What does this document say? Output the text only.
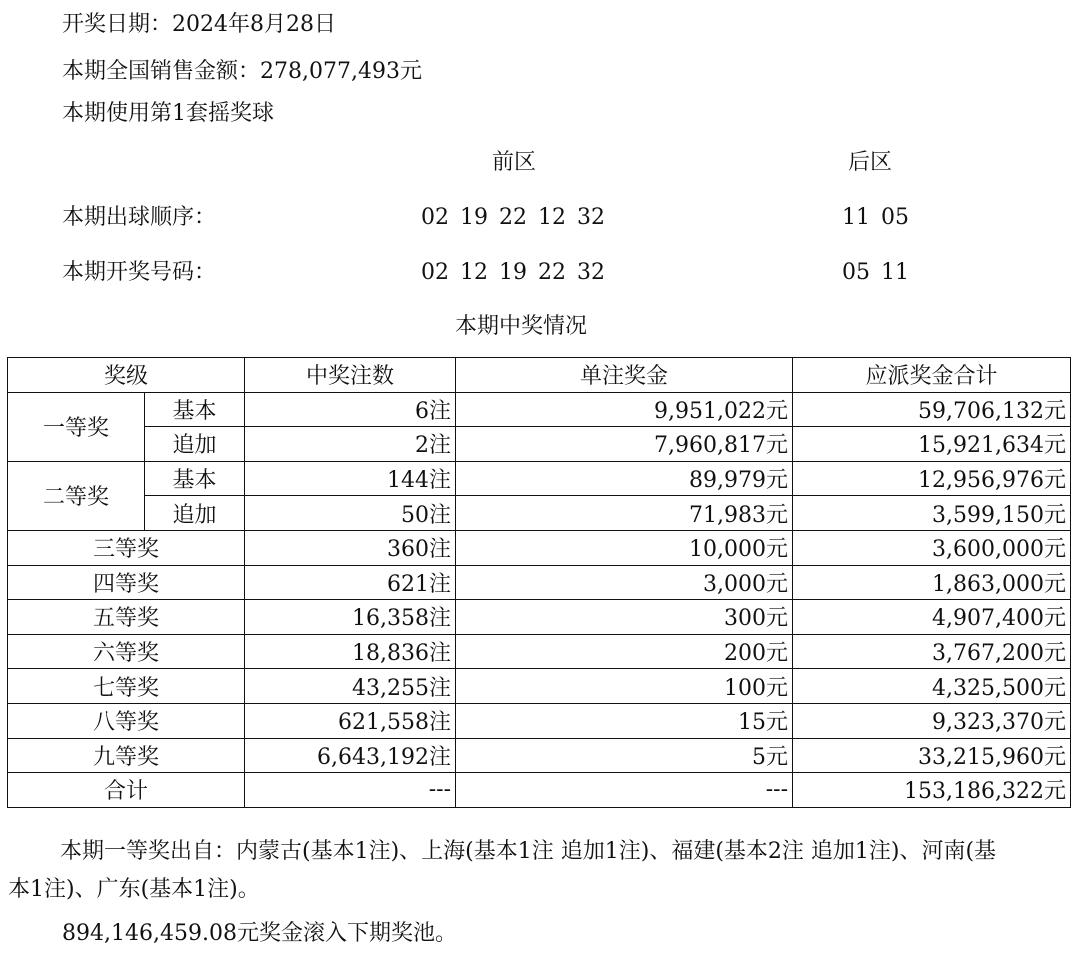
开奖日期：2024年8月28日
本期全国销售金额：278,077,493元
本期使用第1套摇奖球
前区	后区
本期出球顺序：	02 19 22 12 32	11 05
本期开奖号码：	02 12 19 22 32	05 11
本期中奖情况
奖级		中奖注数	单注奖金	应派奖金合计
一等奖	基本	6注	9,951,022元	59,706,132元
	追加	2注	7,960,817元	15,921,634元
二等奖	基本	144注	89,979元	12,956,976元
	追加	50注	71,983元	3,599,150元
三等奖		360注	10,000元	3,600,000元
四等奖		621注	3,000元	1,863,000元
五等奖		16,358注	300元	4,907,400元
六等奖		18,836注	200元	3,767,200元
七等奖		43,255注	100元	4,325,500元
八等奖		621,558注	15元	9,323,370元
九等奖		6,643,192注	5元	33,215,960元
合计		---	---	153,186,322元
本期一等奖出自：内蒙古(基本1注)、上海(基本1注 追加1注)、福建(基本2注 追加1注)、河南(基本1注)、广东(基本1注)。
894,146,459.08元奖金滚入下期奖池。
